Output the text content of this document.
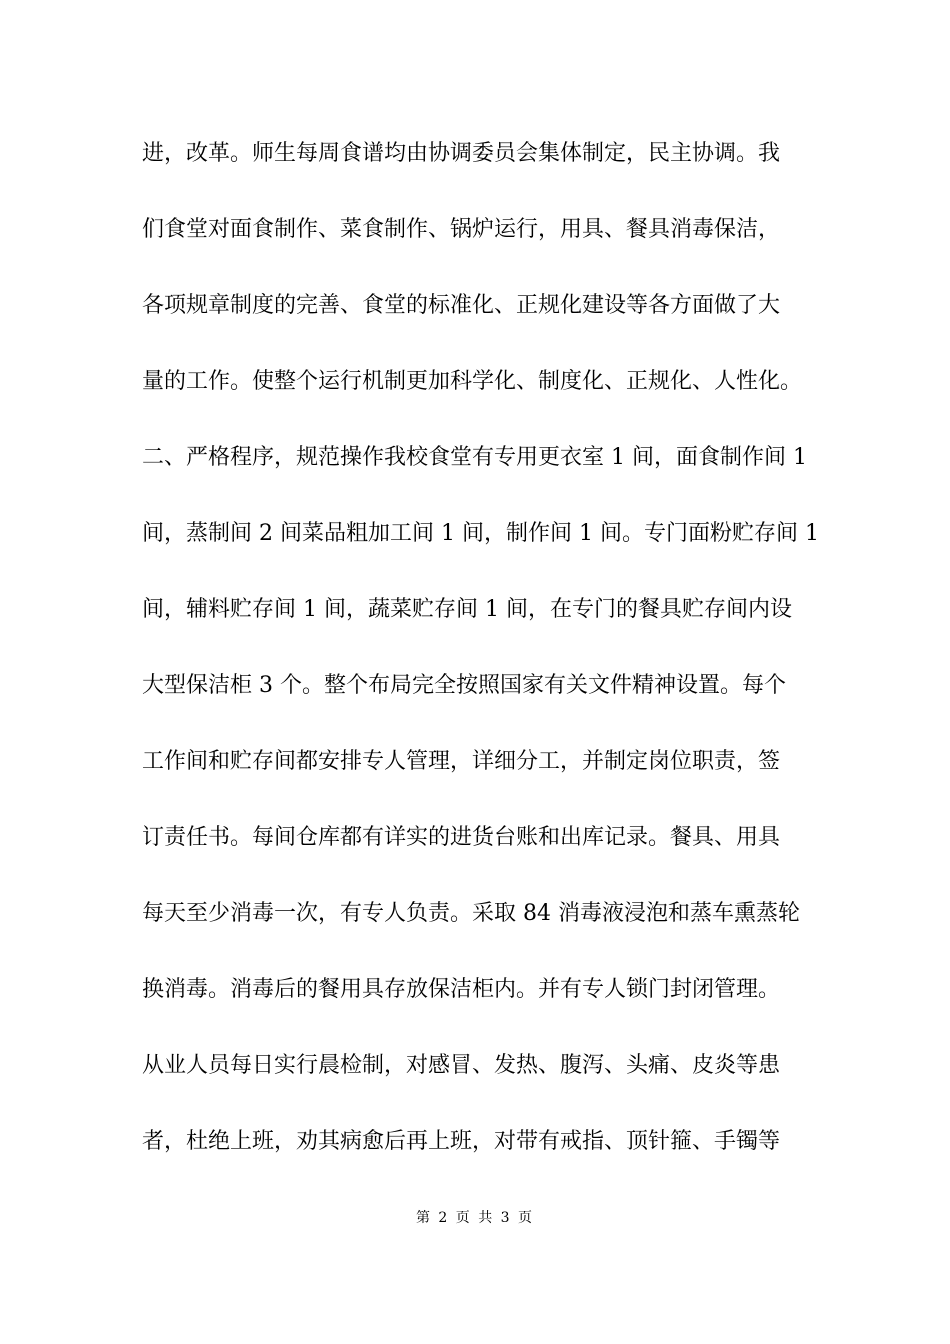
进，改革。师生每周食谱均由协调委员会集体制定，民主协调。我
们食堂对面食制作、菜食制作、锅炉运行，用具、餐具消毒保洁，
各项规章制度的完善、食堂的标准化、正规化建设等各方面做了大
量的工作。使整个运行机制更加科学化、制度化、正规化、人性化。
二、严格程序，规范操作我校食堂有专用更衣室 1 间，面食制作间 1
间，蒸制间 2 间菜品粗加工间 1 间，制作间 1 间。专门面粉贮存间 1
间，辅料贮存间 1 间，蔬菜贮存间 1 间，在专门的餐具贮存间内设
大型保洁柜 3 个。整个布局完全按照国家有关文件精神设置。每个
工作间和贮存间都安排专人管理，详细分工，并制定岗位职责，签
订责任书。每间仓库都有详实的进货台账和出库记录。餐具、用具
每天至少消毒一次，有专人负责。采取 84 消毒液浸泡和蒸车熏蒸轮
换消毒。消毒后的餐用具存放保洁柜内。并有专人锁门封闭管理。
从业人员每日实行晨检制，对感冒、发热、腹泻、头痛、皮炎等患
者，杜绝上班，劝其病愈后再上班，对带有戒指、顶针箍、手镯等
第 2 页 共 3 页
